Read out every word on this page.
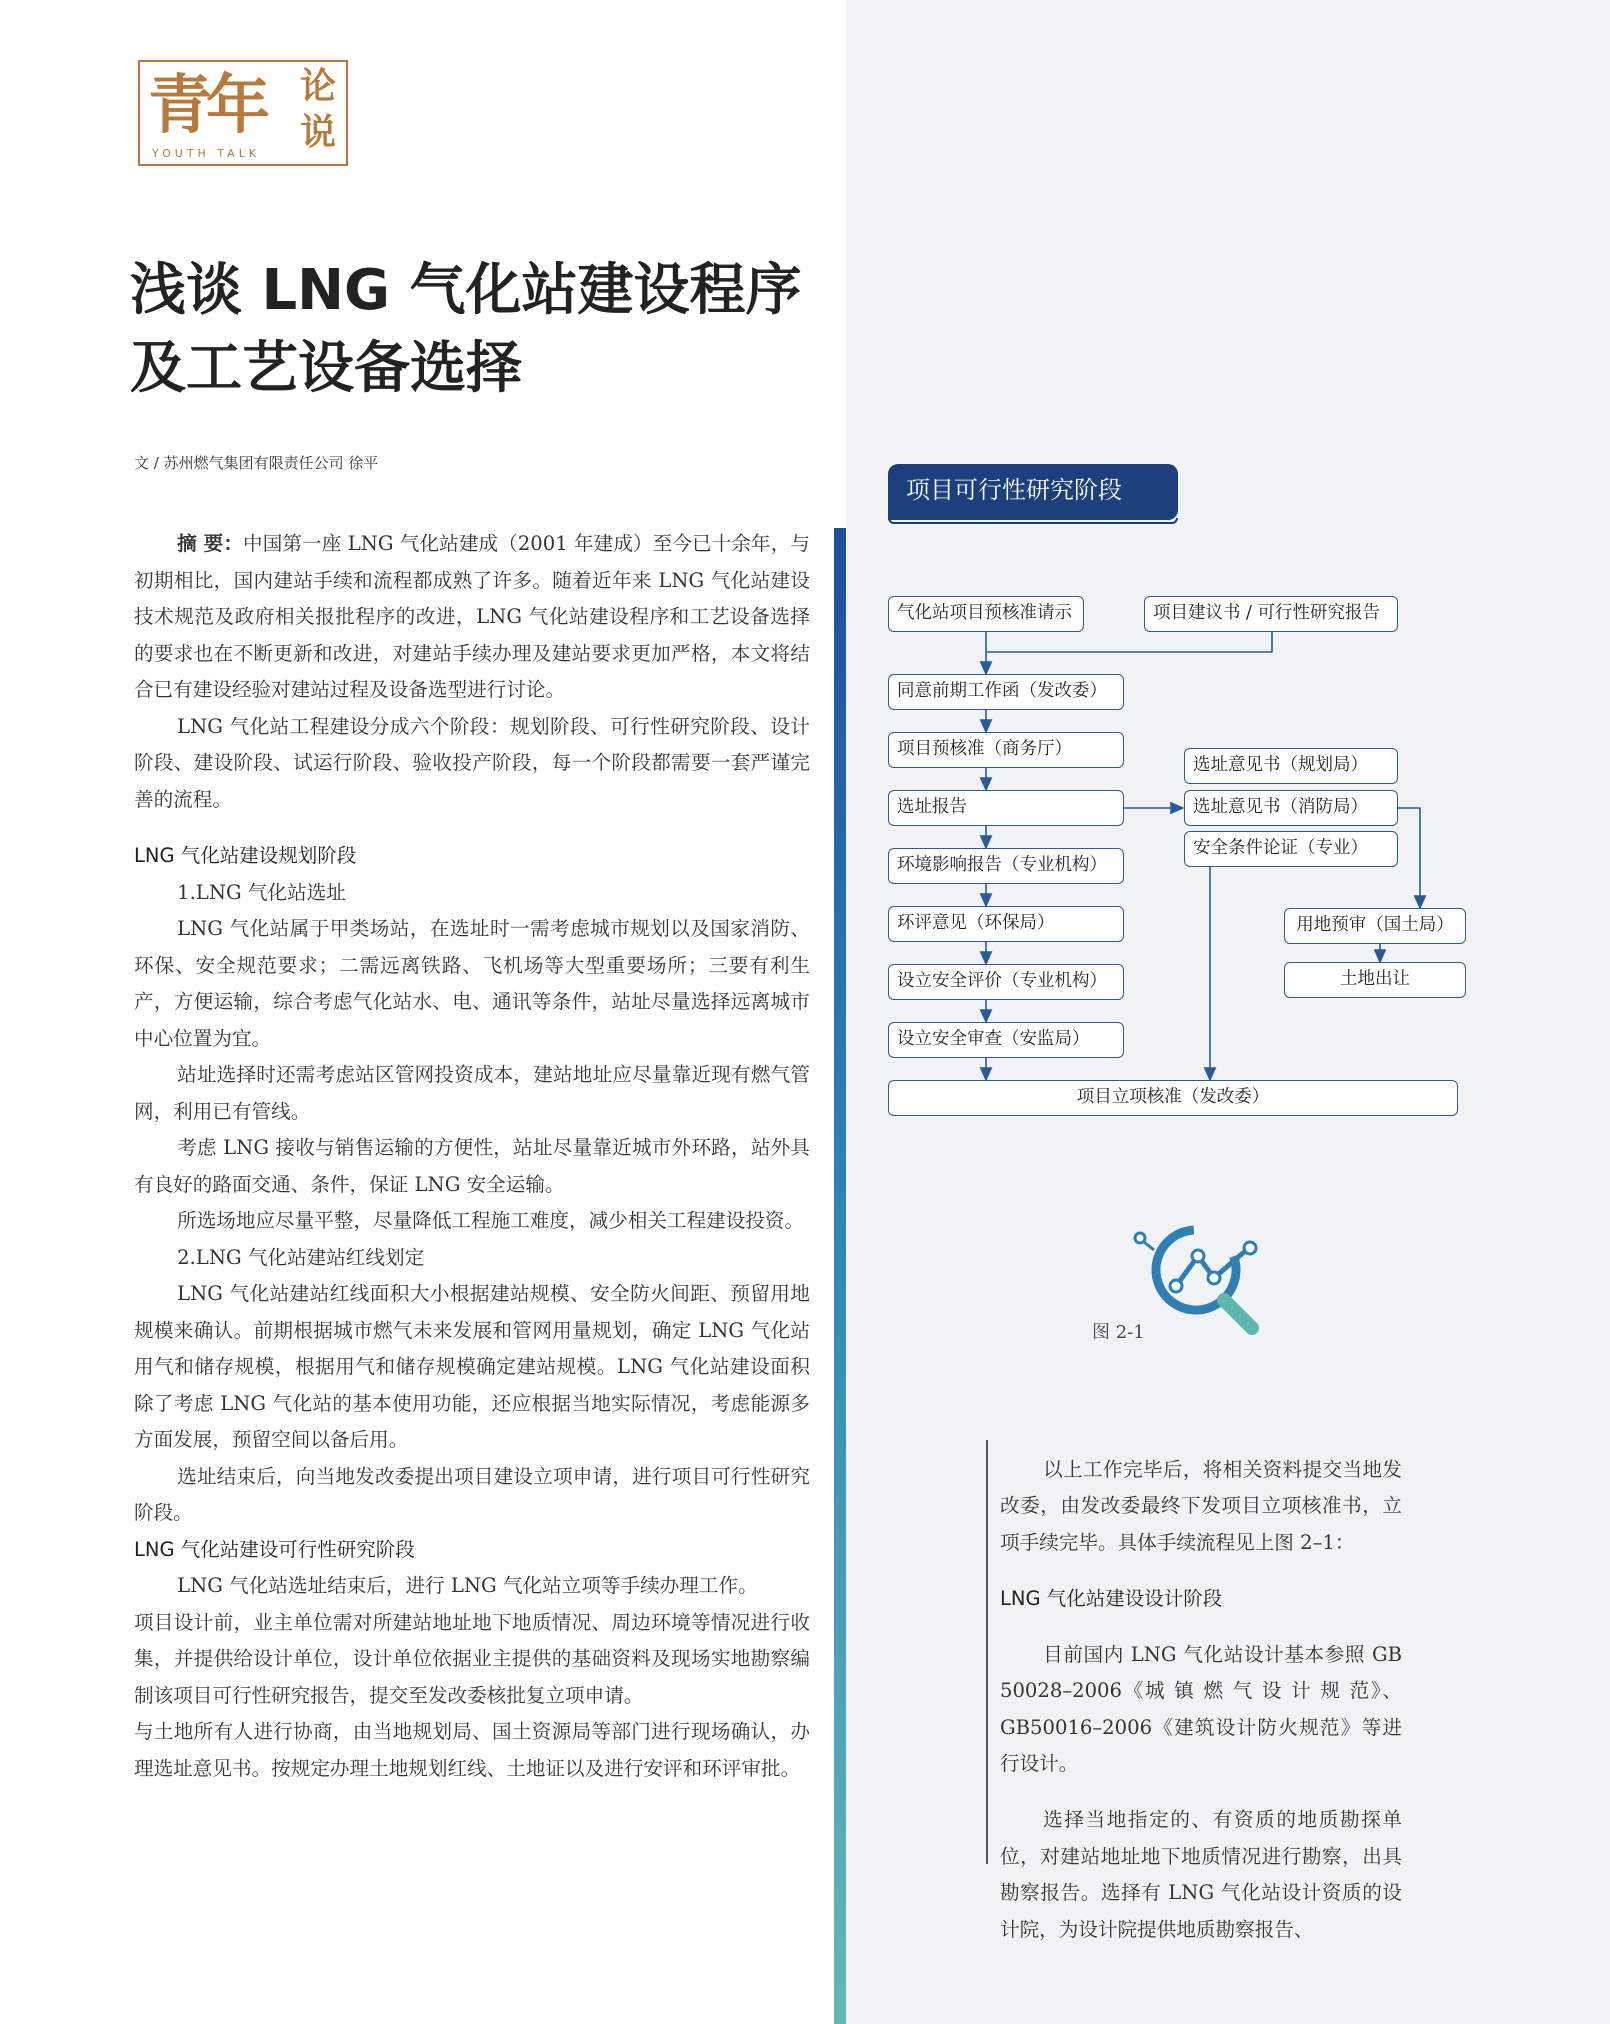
青年 论
说
YOUTH TALK
浅谈 LNG 气化站建设程序
及工艺设备选择
文 / 苏州燃气集团有限责任公司 徐平

摘 要：中国第一座 LNG 气化站建成（2001 年建成）至今已十余年，与初期相比，国内建站手续和流程都成熟了许多。随着近年来 LNG 气化站建设技术规范及政府相关报批程序的改进，LNG 气化站建设程序和工艺设备选择的要求也在不断更新和改进，对建站手续办理及建站要求更加严格，本文将结合已有建设经验对建站过程及设备选型进行讨论。

LNG 气化站工程建设分成六个阶段：规划阶段、可行性研究阶段、设计阶段、建设阶段、试运行阶段、验收投产阶段，每一个阶段都需要一套严谨完善的流程。

LNG 气化站建设规划阶段

1.LNG 气化站选址

LNG 气化站属于甲类场站，在选址时一需考虑城市规划以及国家消防、环保、安全规范要求；二需远离铁路、飞机场等大型重要场所；三要有利生产，方便运输，综合考虑气化站水、电、通讯等条件，站址尽量选择远离城市中心位置为宜。

站址选择时还需考虑站区管网投资成本，建站地址应尽量靠近现有燃气管网，利用已有管线。

考虑 LNG 接收与销售运输的方便性，站址尽量靠近城市外环路，站外具有良好的路面交通、条件，保证 LNG 安全运输。

所选场地应尽量平整，尽量降低工程施工难度，减少相关工程建设投资。

2.LNG 气化站建站红线划定

LNG 气化站建站红线面积大小根据建站规模、安全防火间距、预留用地规模来确认。前期根据城市燃气未来发展和管网用量规划，确定 LNG 气化站用气和储存规模，根据用气和储存规模确定建站规模。LNG 气化站建设面积除了考虑 LNG 气化站的基本使用功能，还应根据当地实际情况，考虑能源多方面发展，预留空间以备后用。

选址结束后，向当地发改委提出项目建设立项申请，进行项目可行性研究阶段。

LNG 气化站建设可行性研究阶段

LNG 气化站选址结束后，进行 LNG 气化站立项等手续办理工作。

项目设计前，业主单位需对所建站地址地下地质情况、周边环境等情况进行收集，并提供给设计单位，设计单位依据业主提供的基础资料及现场实地勘察编制该项目可行性研究报告，提交至发改委核批复立项申请。

与土地所有人进行协商，由当地规划局、国土资源局等部门进行现场确认，办理选址意见书。按规定办理土地规划红线、土地证以及进行安评和环评审批。

项目可行性研究阶段
气化站项目预核准请示	项目建议书 / 可行性研究报告
同意前期工作函（发改委）
项目预核准（商务厅）
选址报告
环境影响报告（专业机构）
环评意见（环保局）
设立安全评价（专业机构）
设立安全审查（安监局）
选址意见书（规划局）
选址意见书（消防局）
安全条件论证（专业）
用地预审（国土局）
土地出让
项目立项核准（发改委）
图 2-1

以上工作完毕后，将相关资料提交当地发改委，由发改委最终下发项目立项核准书，立项手续完毕。具体手续流程见上图 2–1：

LNG 气化站建设设计阶段

目前国内 LNG 气化站设计基本参照 GB 50028–2006《城 镇 燃 气 设 计 规 范》、GB50016–2006《建筑设计防火规范》等进行设计。

选择当地指定的、有资质的地质勘探单位，对建站地址地下地质情况进行勘察，出具勘察报告。选择有 LNG 气化站设计资质的设计院，为设计院提供地质勘察报告、
